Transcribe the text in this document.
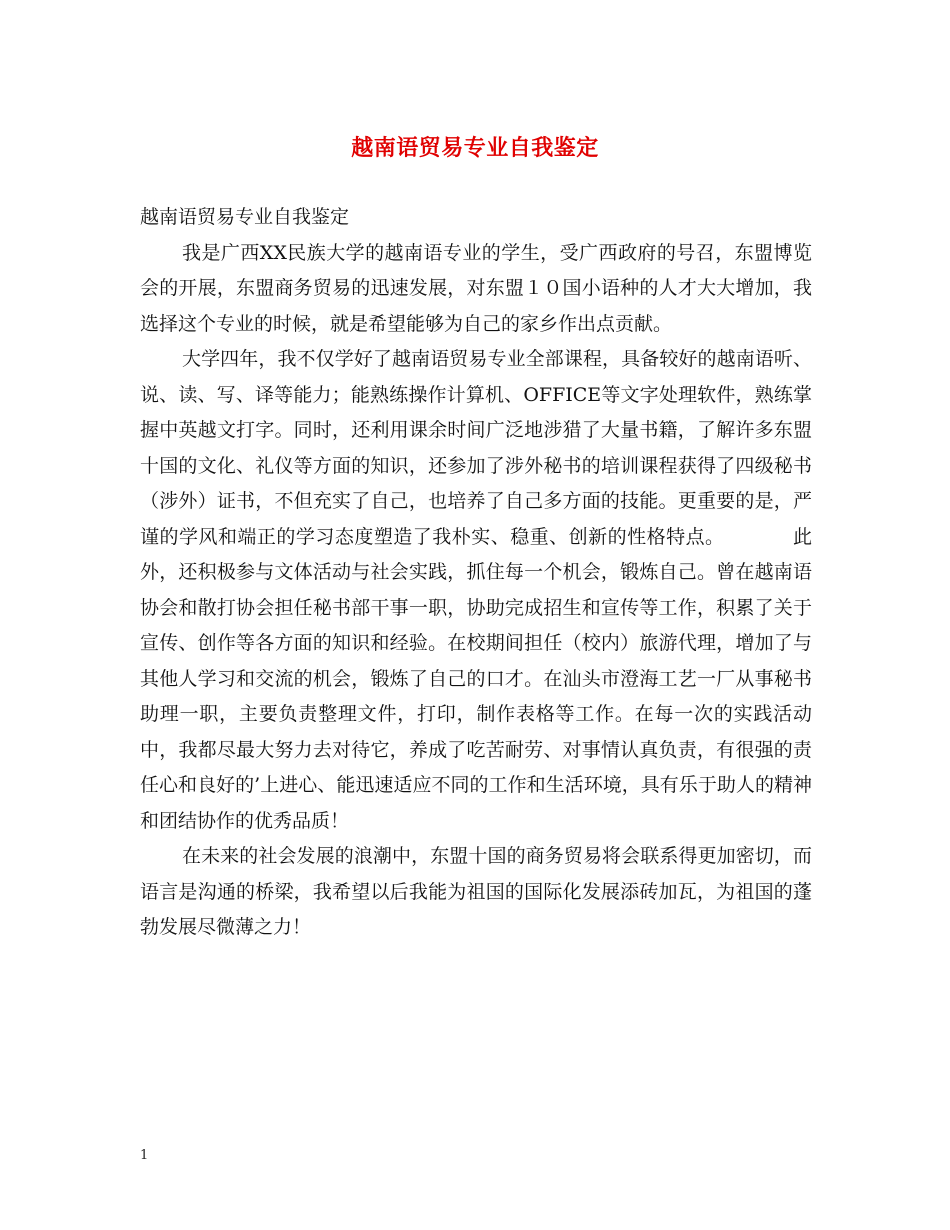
越南语贸易专业自我鉴定

越南语贸易专业自我鉴定

我是广西XX民族大学的越南语专业的学生，受广西政府的号召，东盟博览会的开展，东盟商务贸易的迅速发展，对东盟１０国小语种的人才大大增加，我选择这个专业的时候，就是希望能够为自己的家乡作出点贡献。

大学四年，我不仅学好了越南语贸易专业全部课程，具备较好的越南语听、说、读、写、译等能力；能熟练操作计算机、OFFICE等文字处理软件，熟练掌握中英越文打字。同时，还利用课余时间广泛地涉猎了大量书籍，了解许多东盟十国的文化、礼仪等方面的知识，还参加了涉外秘书的培训课程获得了四级秘书（涉外）证书，不但充实了自己，也培养了自己多方面的技能。更重要的是，严谨的学风和端正的学习态度塑造了我朴实、稳重、创新的性格特点。　　　　此外，还积极参与文体活动与社会实践，抓住每一个机会，锻炼自己。曾在越南语协会和散打协会担任秘书部干事一职，协助完成招生和宣传等工作，积累了关于宣传、创作等各方面的知识和经验。在校期间担任（校内）旅游代理，增加了与其他人学习和交流的机会，锻炼了自己的口才。在汕头市澄海工艺一厂从事秘书助理一职，主要负责整理文件，打印，制作表格等工作。在每一次的实践活动中，我都尽最大努力去对待它，养成了吃苦耐劳、对事情认真负责，有很强的责任心和良好的’上进心、能迅速适应不同的工作和生活环境，具有乐于助人的精神和团结协作的优秀品质！

在未来的社会发展的浪潮中，东盟十国的商务贸易将会联系得更加密切，而语言是沟通的桥梁，我希望以后我能为祖国的国际化发展添砖加瓦，为祖国的蓬勃发展尽微薄之力！

1
